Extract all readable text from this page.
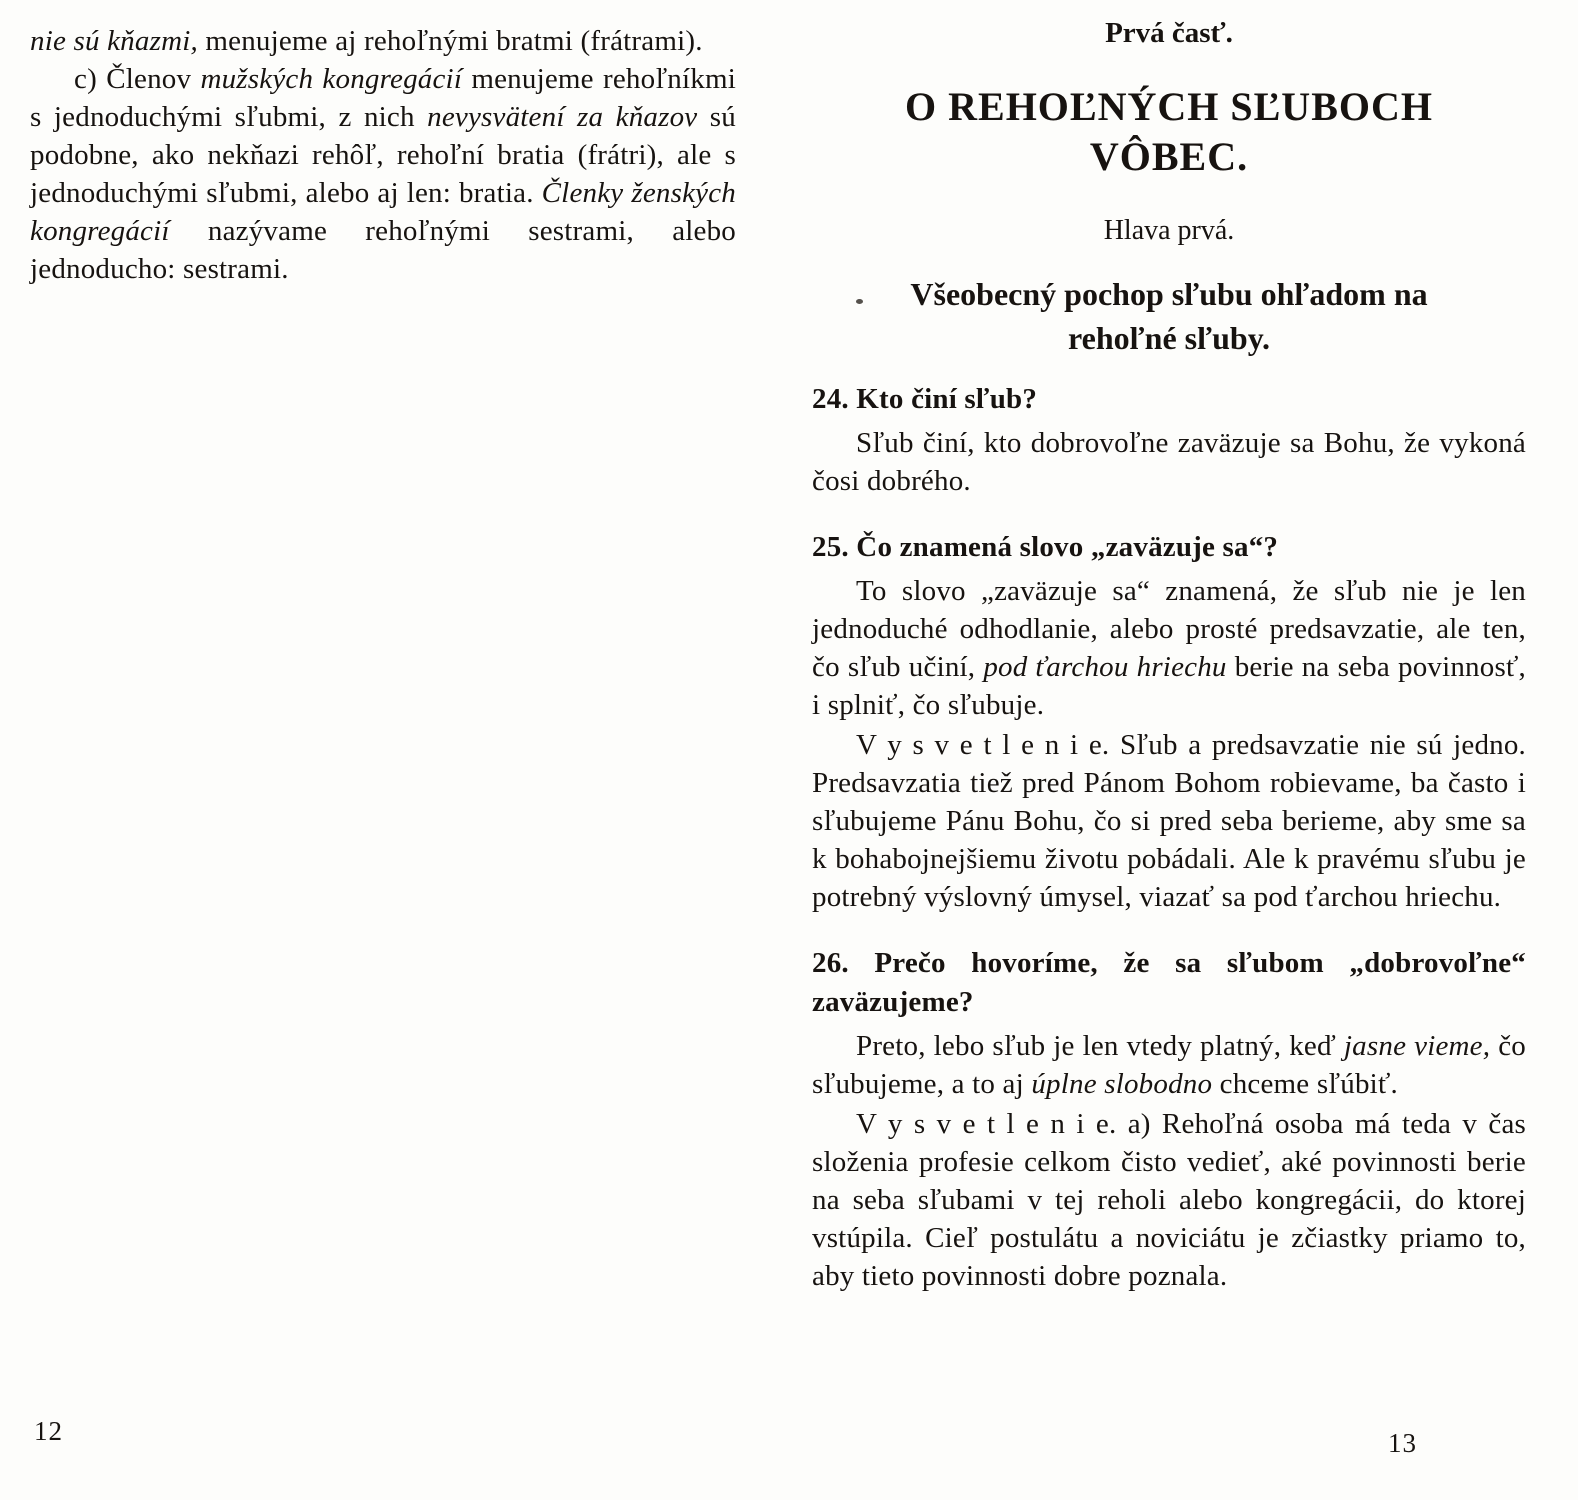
nie sú kňazmi, menujeme aj rehoľnými bratmi (frátrami).

c) Členov mužských kongregácií menujeme rehoľníkmi s jednoduchými sľubmi, z nich nevysvätení za kňazov sú podobne, ako nekňazi rehôľ, rehoľní bratia (frátri), ale s jednoduchými sľubmi, alebo aj len: bratia. Členky ženských kongregácií nazývame rehoľnými sestrami, alebo jednoducho: sestrami.

Prvá časť.
O REHOĽNÝCH SĽUBOCH VÔBEC.
Hlava prvá.
Všeobecný pochop sľubu ohľadom na rehoľné sľuby.
24. Kto činí sľub?

Sľub činí, kto dobrovoľne zaväzuje sa Bohu, že vykoná čosi dobrého.

25. Čo znamená slovo „zaväzuje sa“?

To slovo „zaväzuje sa“ znamená, že sľub nie je len jednoduché odhodlanie, alebo prosté predsavzatie, ale ten, čo sľub učiní, pod ťarchou hriechu berie na seba povinnosť, i splniť, čo sľubuje.

V y s v e t l e n i e. Sľub a predsavzatie nie sú jedno. Predsavzatia tiež pred Pánom Bohom robievame, ba často i sľubujeme Pánu Bohu, čo si pred seba berieme, aby sme sa k bohabojnejšiemu životu pobádali. Ale k pravému sľubu je potrebný výslovný úmysel, viazať sa pod ťarchou hriechu.

26. Prečo hovoríme, že sa sľubom „dobrovoľne“ zaväzujeme?

Preto, lebo sľub je len vtedy platný, keď jasne vieme, čo sľubujeme, a to aj úplne slobodno chceme sľúbiť.

V y s v e t l e n i e. a) Rehoľná osoba má teda v čas složenia profesie celkom čisto vedieť, aké povinnosti berie na seba sľubami v tej reholi alebo kongregácii, do ktorej vstúpila. Cieľ postulátu a noviciátu je zčiastky priamo to, aby tieto povinnosti dobre poznala.

12	13
